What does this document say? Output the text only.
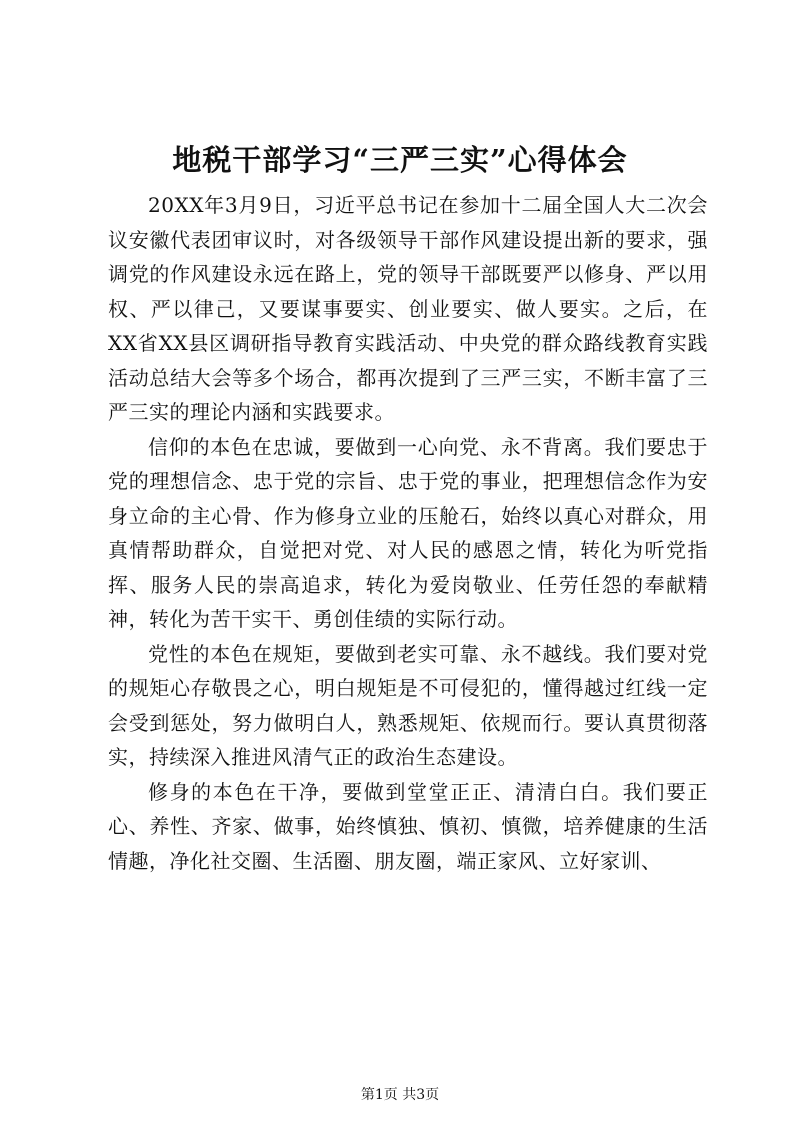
地税干部学习“三严三实”心得体会

20XX年3月9日，习近平总书记在参加十二届全国人大二次会议安徽代表团审议时，对各级领导干部作风建设提出新的要求，强调党的作风建设永远在路上，党的领导干部既要严以修身、严以用权、严以律己，又要谋事要实、创业要实、做人要实。之后，在XX省XX县区调研指导教育实践活动、中央党的群众路线教育实践活动总结大会等多个场合，都再次提到了三严三实，不断丰富了三严三实的理论内涵和实践要求。

信仰的本色在忠诚，要做到一心向党、永不背离。我们要忠于党的理想信念、忠于党的宗旨、忠于党的事业，把理想信念作为安身立命的主心骨、作为修身立业的压舱石，始终以真心对群众，用真情帮助群众，自觉把对党、对人民的感恩之情，转化为听党指挥、服务人民的崇高追求，转化为爱岗敬业、任劳任怨的奉献精神，转化为苦干实干、勇创佳绩的实际行动。

党性的本色在规矩，要做到老实可靠、永不越线。我们要对党的规矩心存敬畏之心，明白规矩是不可侵犯的，懂得越过红线一定会受到惩处，努力做明白人，熟悉规矩、依规而行。要认真贯彻落实，持续深入推进风清气正的政治生态建设。

修身的本色在干净，要做到堂堂正正、清清白白。我们要正心、养性、齐家、做事，始终慎独、慎初、慎微，培养健康的生活情趣，净化社交圈、生活圈、朋友圈，端正家风、立好家训、

第1页 共3页
